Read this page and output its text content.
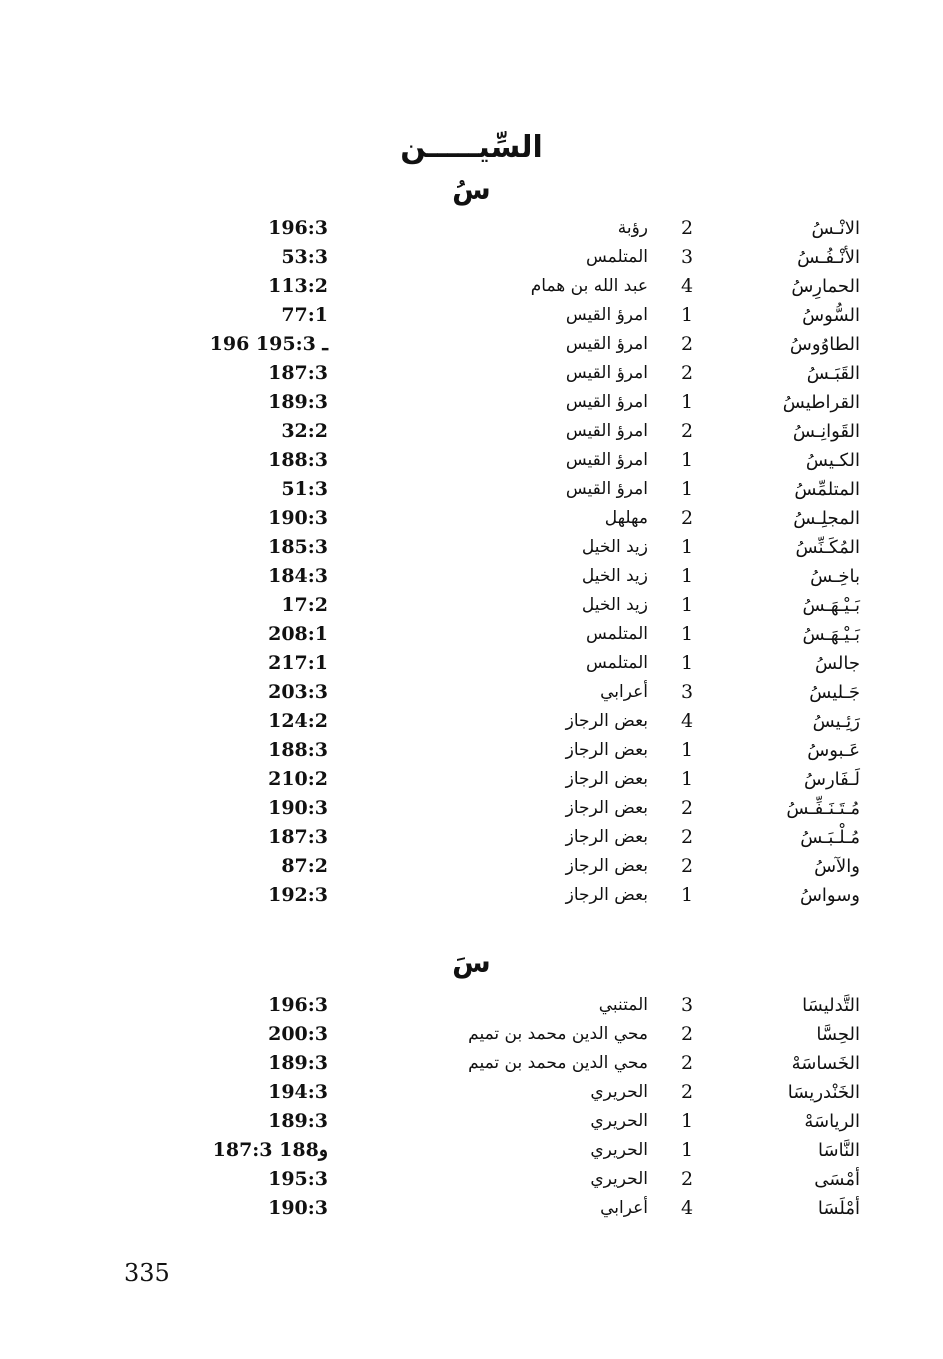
السِّيـــــن
سُ
الانْـسُ
2
رؤبة
196:3
الأنْـفُـسُ
3
المتلمس
53:3
الحمارِسُ
4
عبد الله بن همام
113:2
السُّوسُ
1
امرؤ القيس
77:1
الطاوُوسُ
2
امرؤ القيس
196 ـ 195:3
القَبَـسُ
2
امرؤ القيس
187:3
القراطيسُ
1
امرؤ القيس
189:3
القَوانِـسُ
2
امرؤ القيس
32:2
الكـيسُ
1
امرؤ القيس
188:3
المتلمِّسُ
1
امرؤ القيس
51:3
المجلِـسُ
2
مهلهل
190:3
المُكَـنِّسُ
1
زيد الخيل
185:3
باخِـسُ
1
زيد الخيل
184:3
بَـيْـهَـسُ
1
زيد الخيل
17:2
بَـيْـهَـسُ
1
المتلمس
208:1
جالسُ
1
المتلمس
217:1
جَـليسُ
3
أعرابي
203:3
رَئِـيسُ
4
بعض الرجاز
124:2
عَـبوسُ
1
بعض الرجاز
188:3
لَـفَارسُ
1
بعض الرجاز
210:2
مُـتَـنَـفِّـسُ
2
بعض الرجاز
190:3
مُـلْـبَـسُ
2
بعض الرجاز
187:3
والآسُ
2
بعض الرجاز
87:2
وسواسُ
1
بعض الرجاز
192:3
سَ
التَّدليسَا
3
المتنبي
196:3
الحِسَّا
2
محي الدين محمد بن تميم
200:3
الخَساسَهْ
2
محي الدين محمد بن تميم
189:3
الخَنْدريسَا
2
الحريري
194:3
الرياسَهْ
1
الحريري
189:3
النَّاسَا
1
الحريري
187:3 و188
أمْسَى
2
الحريري
195:3
أمْلَسَا
4
أعرابي
190:3
335
